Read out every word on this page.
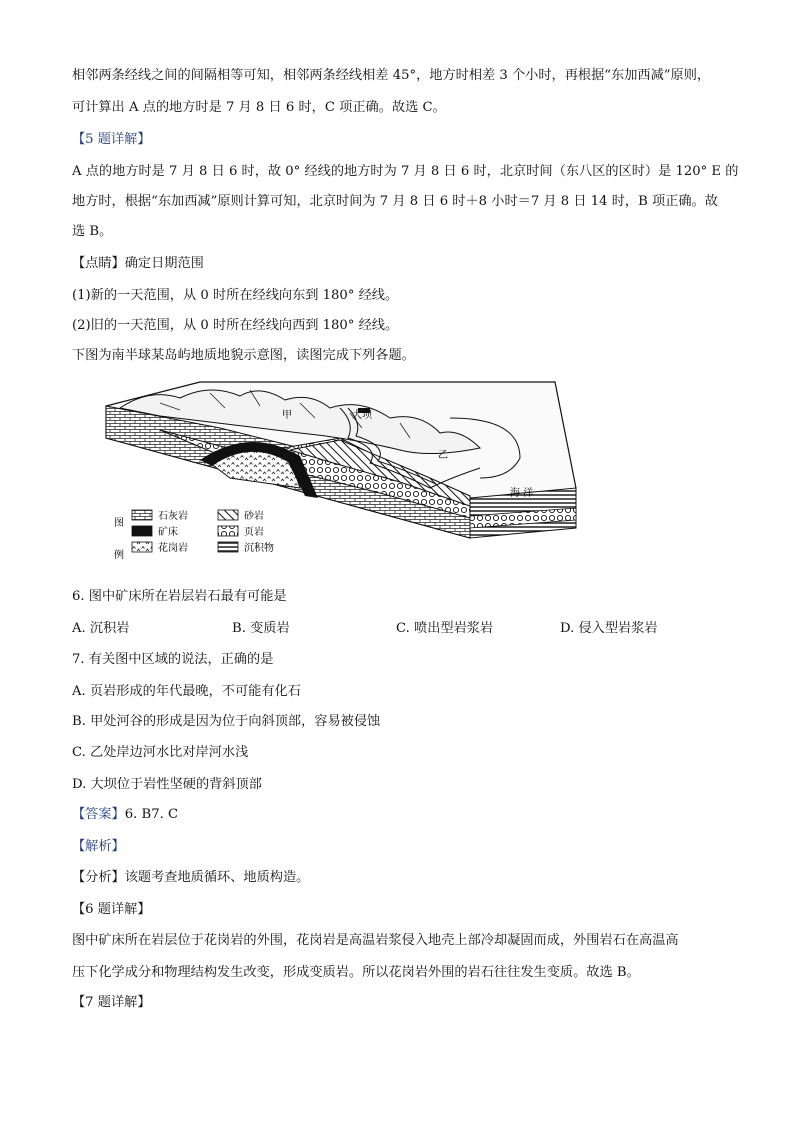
相邻两条经线之间的间隔相等可知，相邻两条经线相差 45°，地方时相差 3 个小时，再根据“东加西减”原则，
可计算出 A 点的地方时是 7 月 8 日 6 时，C 项正确。故选 C。
【5 题详解】
A 点的地方时是 7 月 8 日 6 时，故 0° 经线的地方时为 7 月 8 日 6 时，北京时间（东八区的区时）是 120° E 的
地方时，根据“东加西减”原则计算可知，北京时间为 7 月 8 日 6 时＋8 小时＝7 月 8 日 14 时，B 项正确。故
选 B。
【点睛】确定日期范围
(1)新的一天范围，从 0 时所在经线向东到 180° 经线。
(2)旧的一天范围，从 0 时所在经线向西到 180° 经线。
下图为南半球某岛屿地质地貌示意图，读图完成下列各题。
甲	大坝
乙
海 洋
图
例
石灰岩	砂岩
矿床	页岩
花岗岩	沉积物
6. 图中矿床所在岩层岩石最有可能是
A. 沉积岩	B. 变质岩	C. 喷出型岩浆岩	D. 侵入型岩浆岩
7. 有关图中区域的说法，正确的是
A. 页岩形成的年代最晚，不可能有化石
B. 甲处河谷的形成是因为位于向斜顶部，容易被侵蚀
C. 乙处岸边河水比对岸河水浅
D. 大坝位于岩性坚硬的背斜顶部
【答案】6. B7. C
【解析】
【分析】该题考查地质循环、地质构造。
【6 题详解】
图中矿床所在岩层位于花岗岩的外围，花岗岩是高温岩浆侵入地壳上部冷却凝固而成，外围岩石在高温高
压下化学成分和物理结构发生改变，形成变质岩。所以花岗岩外围的岩石往往发生变质。故选 B。
【7 题详解】
